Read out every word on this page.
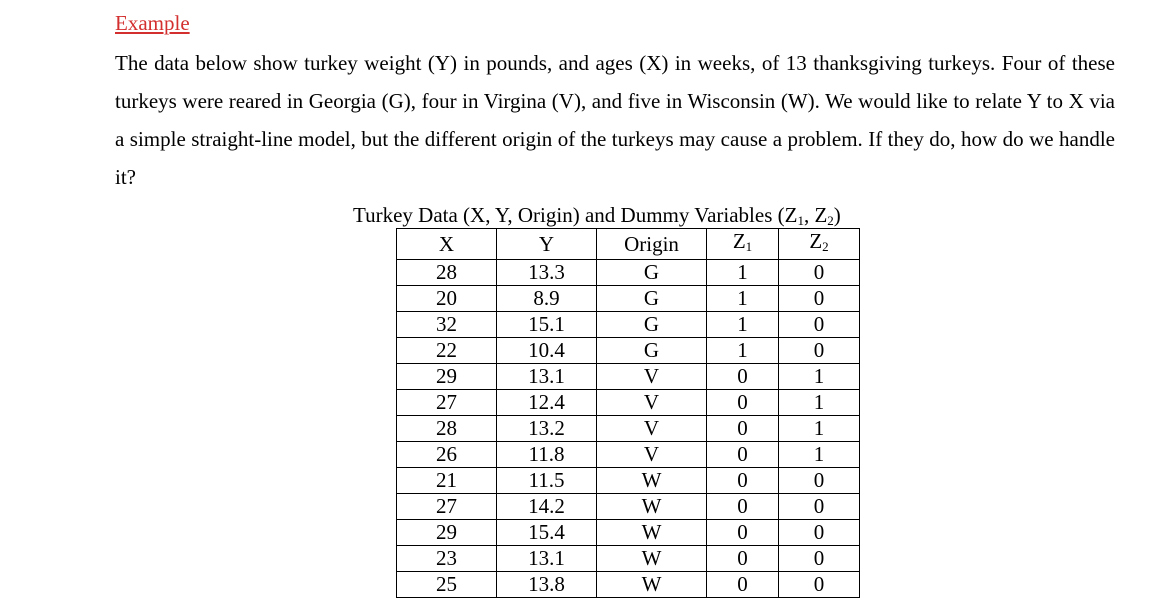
Example
The data below show turkey weight (Y) in pounds, and ages (X) in weeks, of 13 thanksgiving turkeys. Four of these turkeys were reared in Georgia (G), four in Virgina (V), and five in Wisconsin (W). We would like to relate Y to X via a simple straight-line model, but the different origin of the turkeys may cause a problem. If they do, how do we handle it?
Turkey Data (X, Y, Origin) and Dummy Variables ($Z_1$, $Z_2$)
X	Y	Origin	$Z_1$	$Z_2$
28	13.3	G	1	0
20	8.9	G	1	0
32	15.1	G	1	0
22	10.4	G	1	0
29	13.1	V	0	1
27	12.4	V	0	1
28	13.2	V	0	1
26	11.8	V	0	1
21	11.5	W	0	0
27	14.2	W	0	0
29	15.4	W	0	0
23	13.1	W	0	0
25	13.8	W	0	0
